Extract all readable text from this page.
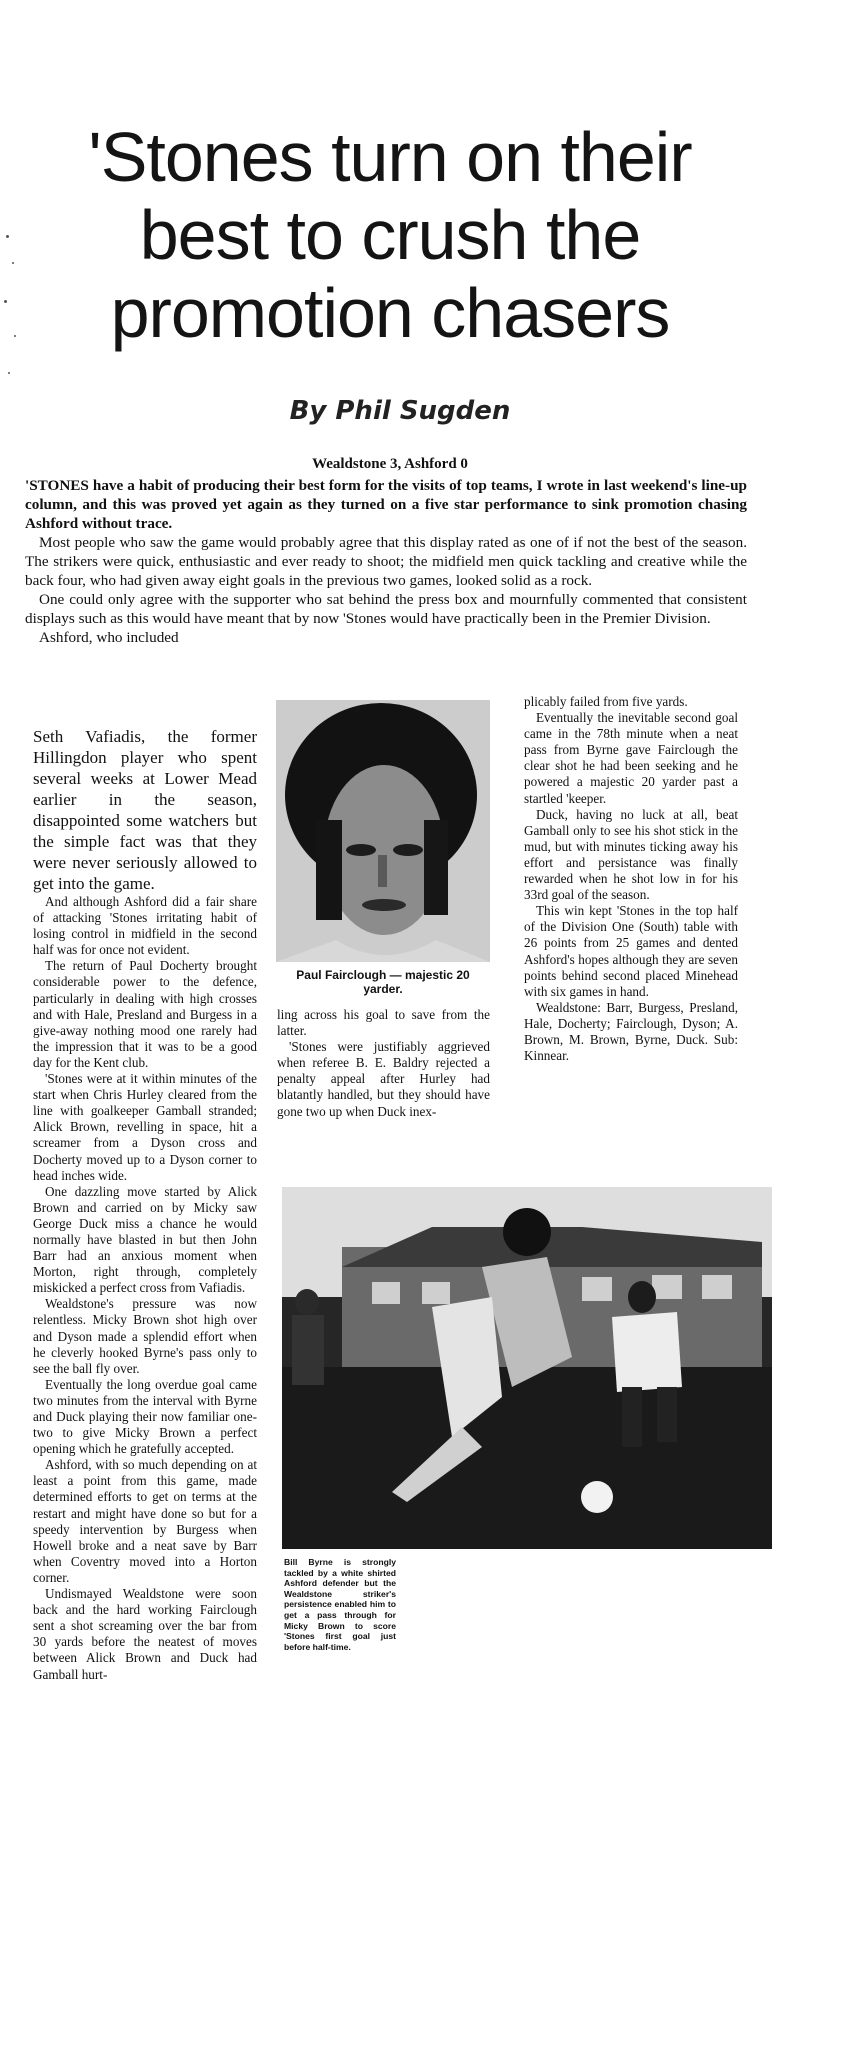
'Stones turn on their
best to crush the
promotion chasers
By Phil Sugden
Wealdstone 3, Ashford 0

'STONES have a habit of producing their best form for the visits of top teams, I wrote in last weekend's line-up column, and this was proved yet again as they turned on a five star performance to sink promotion chasing Ashford without trace.

Most people who saw the game would probably agree that this display rated as one of if not the best of the season. The strikers were quick, enthusiastic and ever ready to shoot; the midfield men quick tackling and creative while the back four, who had given away eight goals in the previous two games, looked solid as a rock.

One could only agree with the supporter who sat behind the press box and mournfully commented that consistent displays such as this would have meant that by now 'Stones would have practically been in the Premier Division.

Ashford, who included

Seth Vafiadis, the former Hillingdon player who spent several weeks at Lower Mead earlier in the season, disappointed some watchers but the simple fact was that they were never seriously allowed to get into the game.

And although Ashford did a fair share of attacking 'Stones irritating habit of losing control in midfield in the second half was for once not evident.

The return of Paul Docherty brought considerable power to the defence, particularly in dealing with high crosses and with Hale, Presland and Burgess in a give-away nothing mood one rarely had the impression that it was to be a good day for the Kent club.

'Stones were at it within minutes of the start when Chris Hurley cleared from the line with goalkeeper Gamball stranded; Alick Brown, revelling in space, hit a screamer from a Dyson cross and Docherty moved up to a Dyson corner to head inches wide.

One dazzling move started by Alick Brown and carried on by Micky saw George Duck miss a chance he would normally have blasted in but then John Barr had an anxious moment when Morton, right through, completely miskicked a perfect cross from Vafiadis.

Wealdstone's pressure was now relentless. Micky Brown shot high over and Dyson made a splendid effort when he cleverly hooked Byrne's pass only to see the ball fly over.

Eventually the long overdue goal came two minutes from the interval with Byrne and Duck playing their now familiar one-two to give Micky Brown a perfect opening which he gratefully accepted.

Ashford, with so much depending on at least a point from this game, made determined efforts to get on terms at the restart and might have done so but for a speedy intervention by Burgess when Howell broke and a neat save by Barr when Coventry moved into a Horton corner.

Undismayed Wealdstone were soon back and the hard working Fairclough sent a shot screaming over the bar from 30 yards before the neatest of moves between Alick Brown and Duck had Gamball hurt-

Paul Fairclough — majestic 20 yarder.

ling across his goal to save from the latter.

'Stones were justifiably aggrieved when referee B. E. Baldry rejected a penalty appeal after Hurley had blatantly handled, but they should have gone two up when Duck inex-

plicably failed from five yards.

Eventually the inevitable second goal came in the 78th minute when a neat pass from Byrne gave Fairclough the clear shot he had been seeking and he powered a majestic 20 yarder past a startled 'keeper.

Duck, having no luck at all, beat Gamball only to see his shot stick in the mud, but with minutes ticking away his effort and persistance was finally rewarded when he shot low in for his 33rd goal of the season.

This win kept 'Stones in the top half of the Division One (South) table with 26 points from 25 games and dented Ashford's hopes although they are seven points behind second placed Minehead with six games in hand.

Wealdstone: Barr, Burgess, Presland, Hale, Docherty; Fairclough, Dyson; A. Brown, M. Brown, Byrne, Duck. Sub: Kinnear.

Bill Byrne is strongly tackled by a white shirted Ashford defender but the Wealdstone striker's persistence enabled him to get a pass through for Micky Brown to score 'Stones first goal just before half-time.
